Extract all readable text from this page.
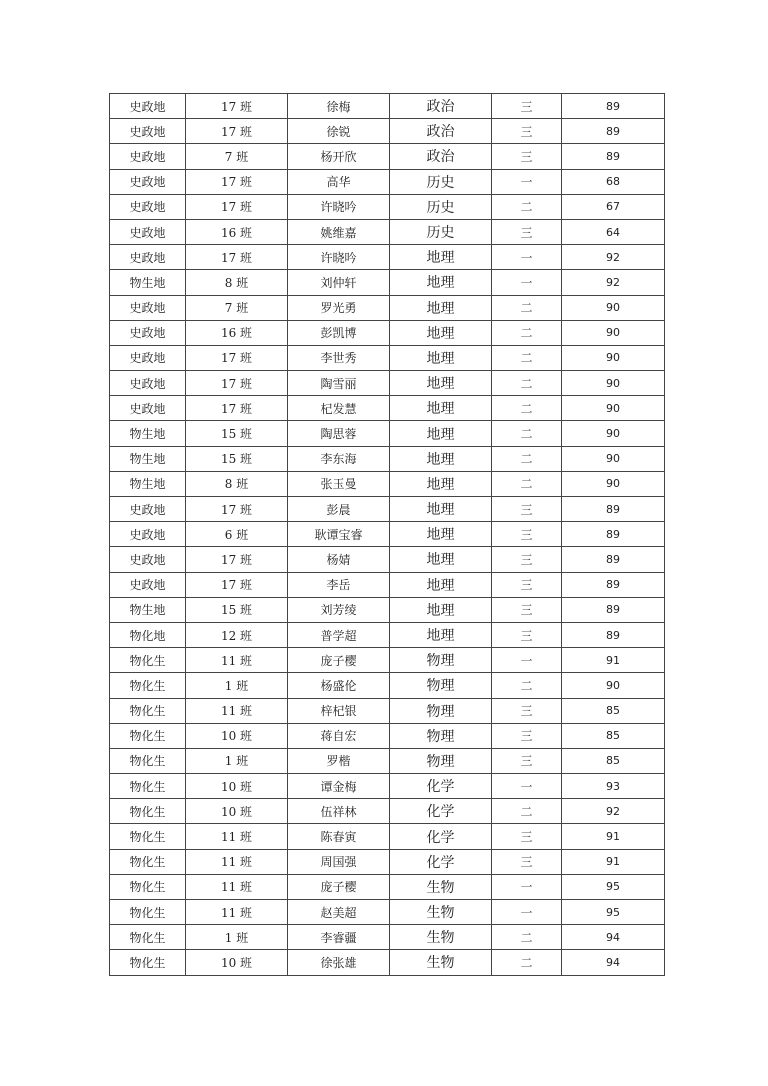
史政地	17 班	徐梅	政治	三	89
史政地	17 班	徐锐	政治	三	89
史政地	7 班	杨开欣	政治	三	89
史政地	17 班	高华	历史	一	68
史政地	17 班	许晓吟	历史	二	67
史政地	16 班	姚维嘉	历史	三	64
史政地	17 班	许晓吟	地理	一	92
物生地	8 班	刘仲轩	地理	一	92
史政地	7 班	罗光勇	地理	二	90
史政地	16 班	彭凯博	地理	二	90
史政地	17 班	李世秀	地理	二	90
史政地	17 班	陶雪丽	地理	二	90
史政地	17 班	杞发慧	地理	二	90
物生地	15 班	陶思蓉	地理	二	90
物生地	15 班	李东海	地理	二	90
物生地	8 班	张玉曼	地理	二	90
史政地	17 班	彭晨	地理	三	89
史政地	6 班	耿谭宝睿	地理	三	89
史政地	17 班	杨婧	地理	三	89
史政地	17 班	李岳	地理	三	89
物生地	15 班	刘芳绫	地理	三	89
物化地	12 班	普学超	地理	三	89
物化生	11 班	庞子樱	物理	一	91
物化生	1 班	杨盛伦	物理	二	90
物化生	11 班	梓杞银	物理	三	85
物化生	10 班	蒋自宏	物理	三	85
物化生	1 班	罗楷	物理	三	85
物化生	10 班	谭金梅	化学	一	93
物化生	10 班	伍祥林	化学	二	92
物化生	11 班	陈春寅	化学	三	91
物化生	11 班	周国强	化学	三	91
物化生	11 班	庞子樱	生物	一	95
物化生	11 班	赵美超	生物	一	95
物化生	1 班	李睿疆	生物	二	94
物化生	10 班	徐张雄	生物	二	94
